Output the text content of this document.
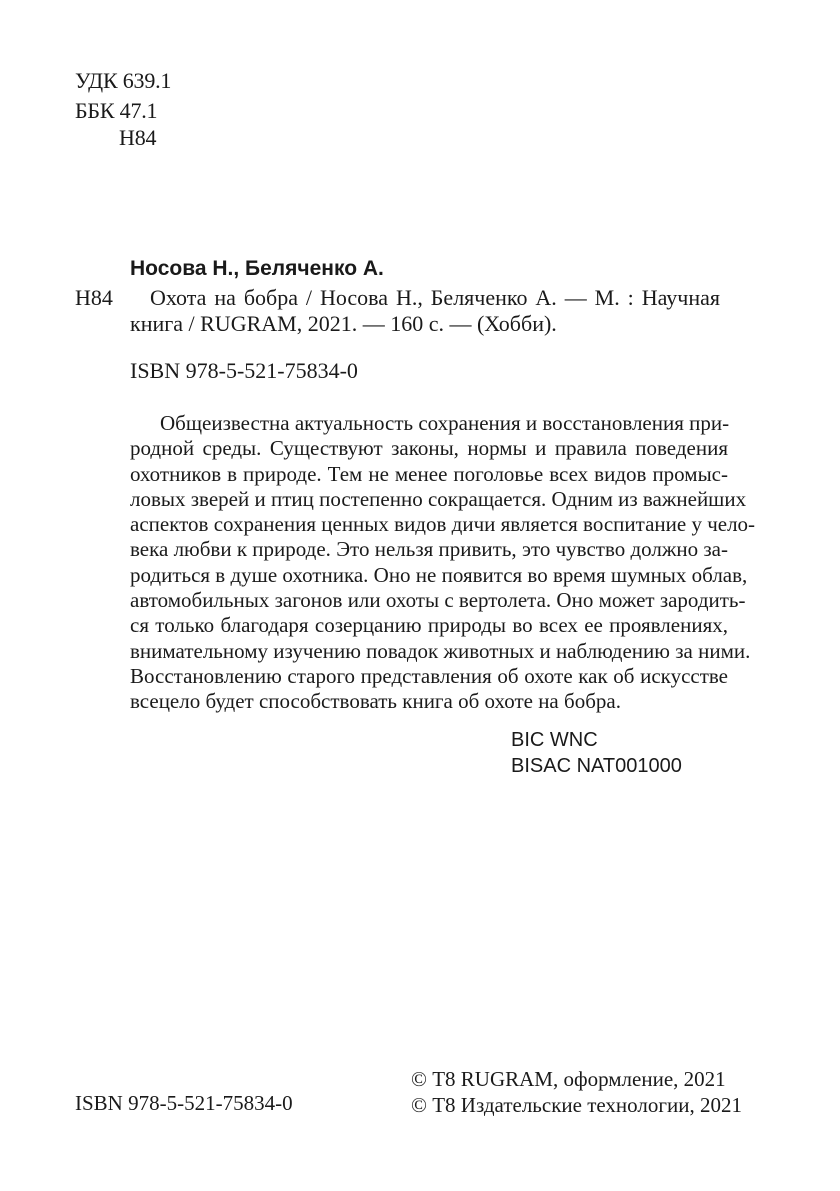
УДК 639.1
ББК 47.1
Н84
Носова Н., Беляченко А.
Н84 Охота на бобра / Носова Н., Беляченко А. — М. : Научная
книга / RUGRAM, 2021. — 160 с. — (Хобби).
ISBN 978-5-521-75834-0
Общеизвестна актуальность сохранения и восстановления при-
родной среды. Существуют законы, нормы и правила поведения
охотников в природе. Тем не менее поголовье всех видов промыс-
ловых зверей и птиц постепенно сокращается. Одним из важнейших
аспектов сохранения ценных видов дичи является воспитание у чело-
века любви к природе. Это нельзя привить, это чувство должно за-
родиться в душе охотника. Оно не появится во время шумных облав,
автомобильных загонов или охоты с вертолета. Оно может зародить-
ся только благодаря созерцанию природы во всех ее проявлениях,
внимательному изучению повадок животных и наблюдению за ними.
Восстановлению старого представления об охоте как об искусстве
всецело будет способствовать книга об охоте на бобра.
BIC WNC
BISAC NAT001000
© Т8 RUGRAM, оформление, 2021
© Т8 Издательские технологии, 2021
ISBN 978-5-521-75834-0
